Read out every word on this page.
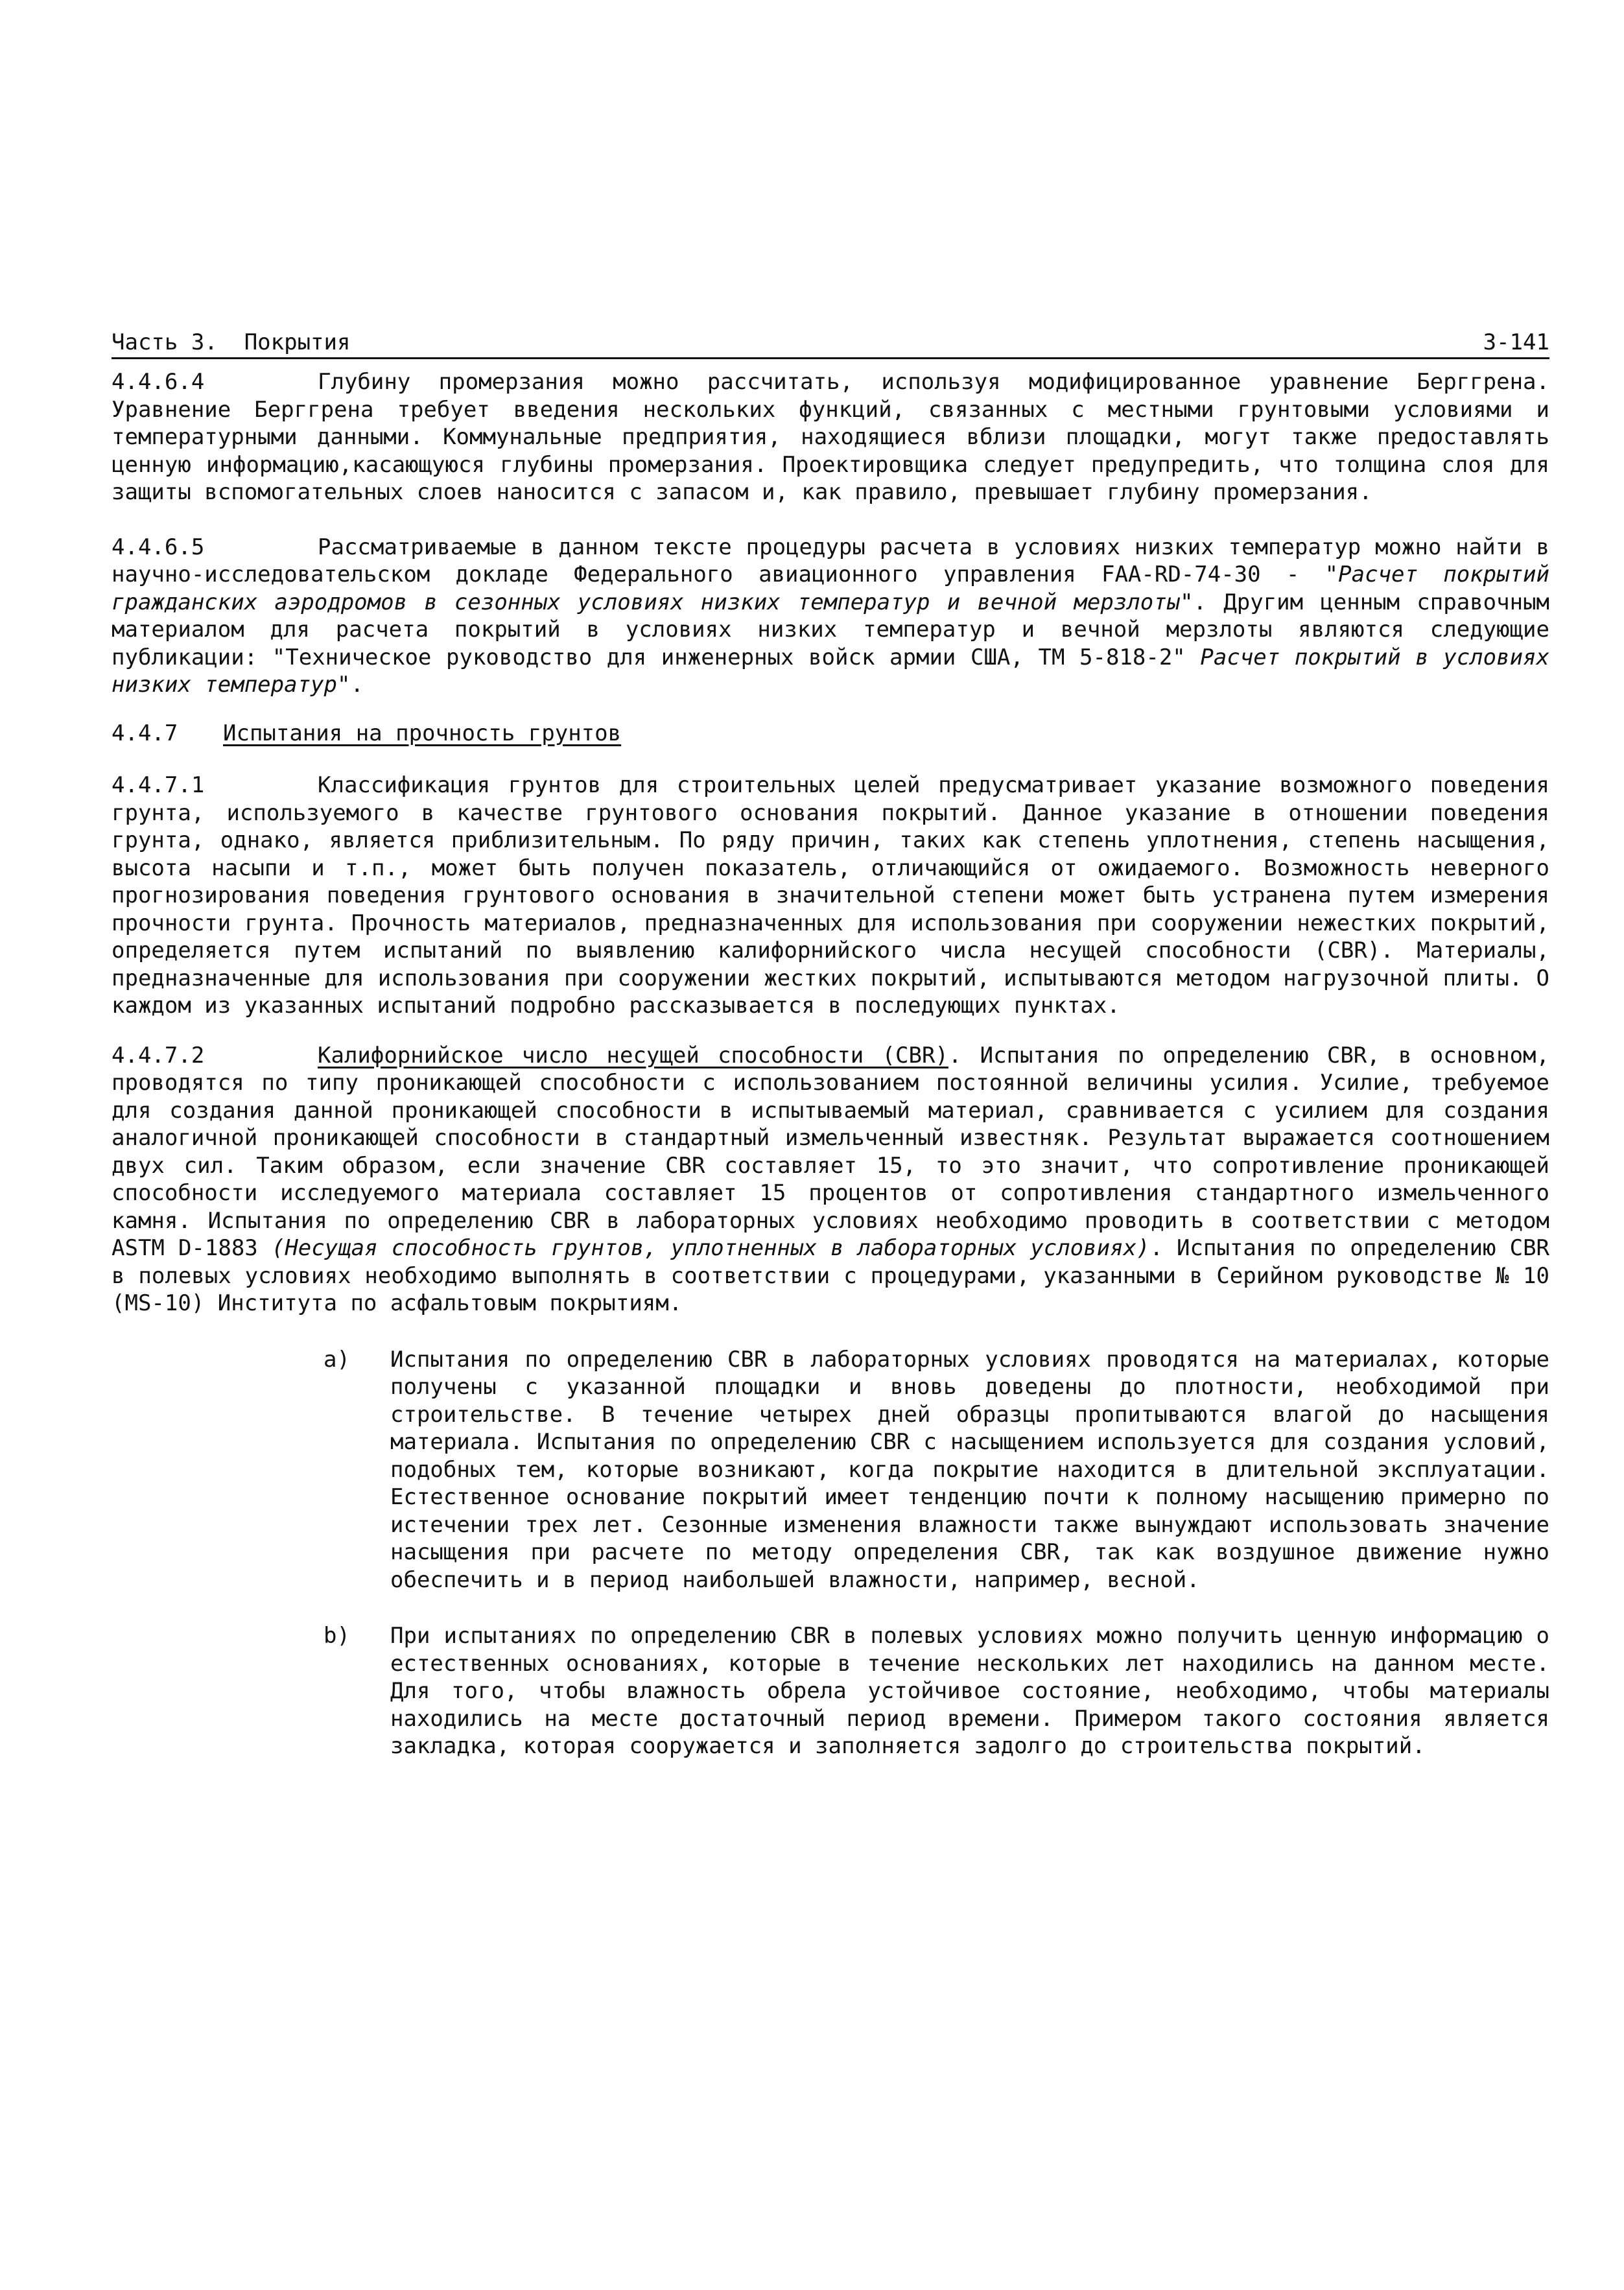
Часть 3.  Покрытия	3-141

4.4.6.4	Глубину промерзания можно рассчитать, используя модифицированное уравнение Берггрена. Уравнение Берггрена требует введения нескольких функций, связанных с местными грунтовыми условиями и температурными данными. Коммунальные предприятия, находящиеся вблизи площадки, могут также предоставлять ценную информацию,касающуюся глубины промерзания. Проектировщика следует предупредить, что толщина слоя для защиты вспомогательных слоев наносится с запасом и, как правило, превышает глубину промерзания.

4.4.6.5	Рассматриваемые в данном тексте процедуры расчета в условиях низких температур можно найти в научно-исследовательском докладе Федерального авиационного управления FAA-RD-74-30 - "Расчет покрытий гражданских аэродромов в сезонных условиях низких температур и вечной мерзлоты". Другим ценным справочным материалом для расчета покрытий в условиях низких температур и вечной мерзлоты являются следующие публикации: "Техническое руководство для инженерных войск армии США, ТМ 5-818-2" Расчет покрытий в условиях низких температур".

4.4.7 Испытания на прочность грунтов

4.4.7.1	Классификация грунтов для строительных целей предусматривает указание возможного поведения грунта, используемого в качестве грунтового основания покрытий. Данное указание в отношении поведения грунта, однако, является приблизительным. По ряду причин, таких как степень уплотнения, степень насыщения, высота насыпи и т.п., может быть получен показатель, отличающийся от ожидаемого. Возможность неверного прогнозирования поведения грунтового основания в значительной степени может быть устранена путем измерения прочности грунта. Прочность материалов, предназначенных для использования при сооружении нежестких покрытий, определяется путем испытаний по выявлению калифорнийского числа несущей способности (CBR). Материалы, предназначенные для использования при сооружении жестких покрытий, испытываются методом нагрузочной плиты. О каждом из указанных испытаний подробно рассказывается в последующих пунктах.

4.4.7.2	Калифорнийское число несущей способности (CBR). Испытания по определению CBR, в основном, проводятся по типу проникающей способности с использованием постоянной величины усилия. Усилие, требуемое для создания данной проникающей способности в испытываемый материал, сравнивается с усилием для создания аналогичной проникающей способности в стандартный измельченный известняк. Результат выражается соотношением двух сил. Таким образом, если значение CBR составляет 15, то это значит, что сопротивление проникающей способности исследуемого материала составляет 15 процентов от сопротивления стандартного измельченного камня. Испытания по определению CBR в лабораторных условиях необходимо проводить в соответствии с методом ASTM D-1883 (Несущая способность грунтов, уплотненных в лабораторных условиях). Испытания по определению CBR в полевых условиях необходимо выполнять в соответствии с процедурами, указанными в Серийном руководстве № 10 (MS-10) Института по асфальтовым покрытиям.

a) Испытания по определению CBR в лабораторных условиях проводятся на материалах, которые получены с указанной площадки и вновь доведены до плотности, необходимой при строительстве. В течение четырех дней образцы пропитываются влагой до насыщения материала. Испытания по определению CBR с насыщением используется для создания условий, подобных тем, которые возникают, когда покрытие находится в длительной эксплуатации. Естественное основание покрытий имеет тенденцию почти к полному насыщению примерно по истечении трех лет. Сезонные изменения влажности также вынуждают использовать значение насыщения при расчете по методу определения CBR, так как воздушное движение нужно обеспечить и в период наибольшей влажности, например, весной.
b) При испытаниях по определению CBR в полевых условиях можно получить ценную информацию о естественных основаниях, которые в течение нескольких лет находились на данном месте. Для того, чтобы влажность обрела устойчивое состояние, необходимо, чтобы материалы находились на месте достаточный период времени. Примером такого состояния является закладка, которая сооружается и заполняется задолго до строительства покрытий.
